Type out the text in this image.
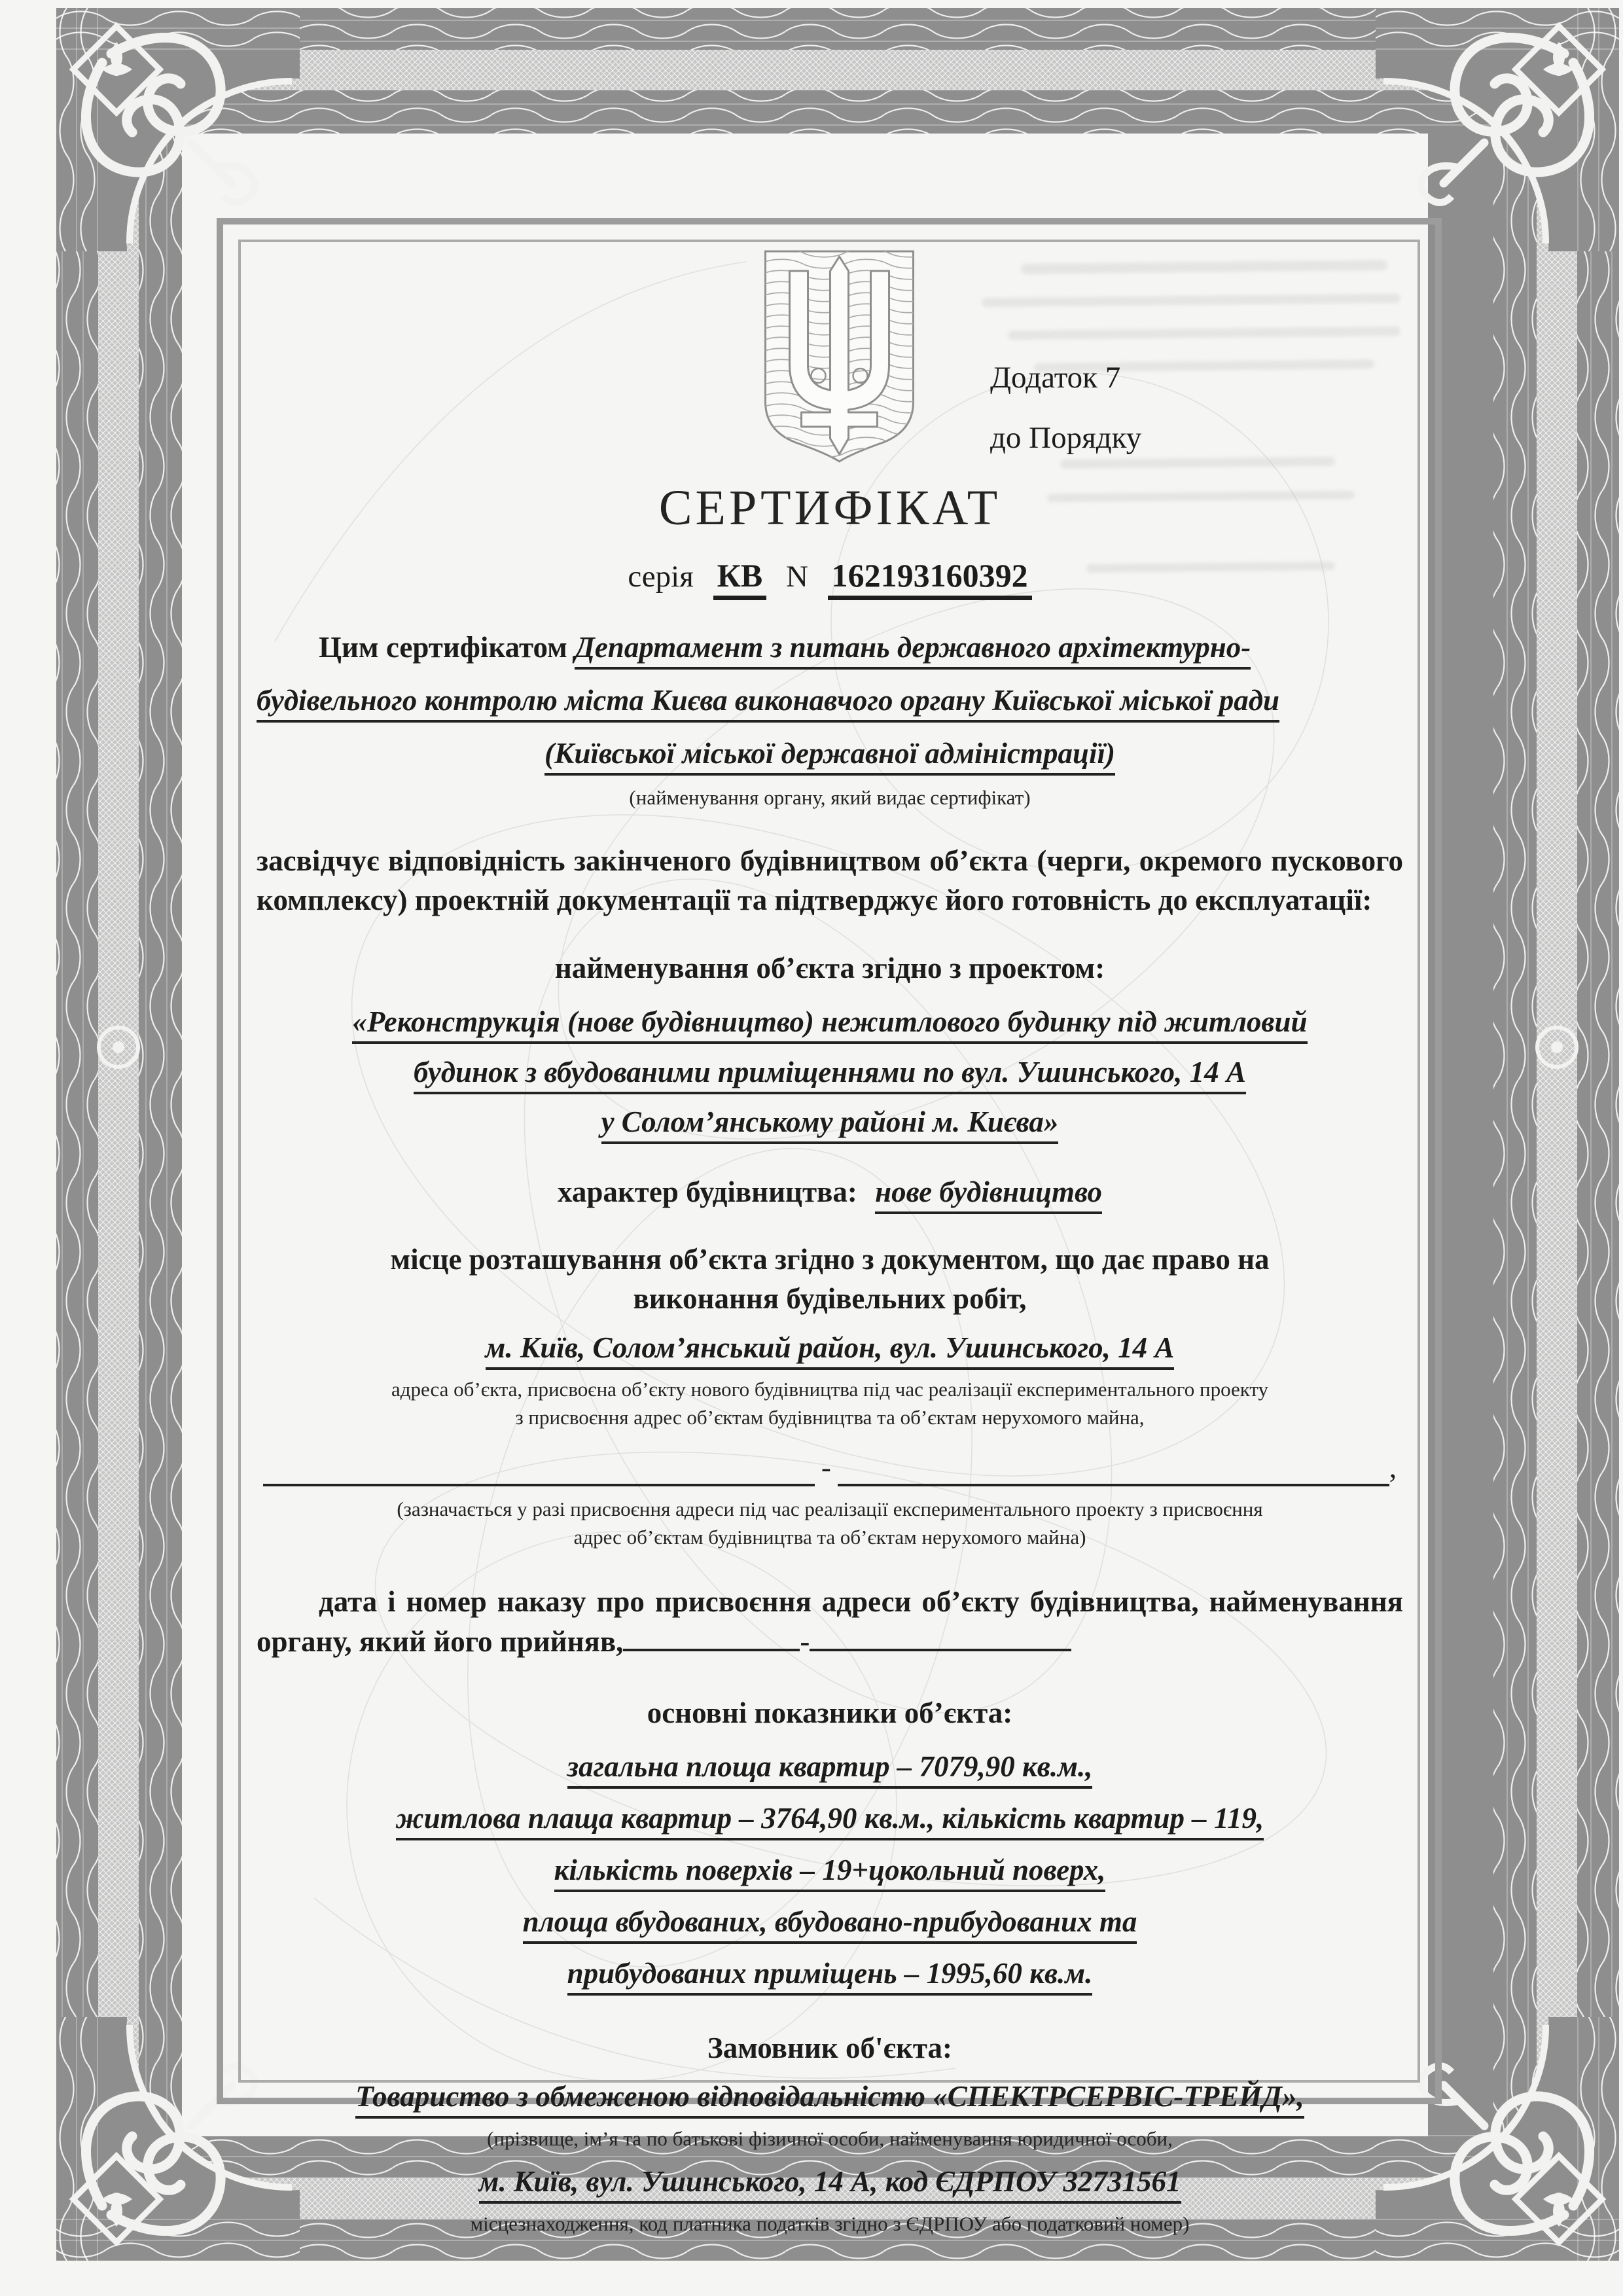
Додаток 7
до Порядку
СЕРТИФІКАТ
серія КВ N 162193160392
Цим сертифікатом Департамент з питань державного архітектурно-
будівельного контролю міста Києва виконавчого органу Київської міської ради
(Київської міської державної адміністрації)
(найменування органу, який видає сертифікат)

засвідчує відповідність закінченого будівництвом об’єкта (черги, окремого пускового комплексу) проектній документації та підтверджує його готовність до експлуатації:

найменування об’єкта згідно з проектом:
«Реконструкція (нове будівництво) нежитлового будинку під житловий
будинок з вбудованими приміщеннями по вул. Ушинського, 14 А
у Солом’янському районі м. Києва»
характер будівництва: нове будівництво
місце розташування об’єкта згідно з документом, що дає право на
виконання будівельних робіт,
м. Київ, Солом’янський район, вул. Ушинського, 14 А
адреса об’єкта, присвоєна об’єкту нового будівництва під час реалізації експериментального проекту
з присвоєння адрес об’єктам будівництва та об’єктам нерухомого майна,
-	,
(зазначається у разі присвоєння адреси під час реалізації експериментального проекту з присвоєння
адрес об’єктам будівництва та об’єктам нерухомого майна)
дата і номер наказу про присвоєння адреси об’єкту будівництва, найменування органу, який його прийняв,	-
основні показники об’єкта:
загальна площа квартир – 7079,90 кв.м.,
житлова плаща квартир – 3764,90 кв.м., кількість квартир – 119,
кількість поверхів – 19+цокольний поверх,
площа вбудованих, вбудовано-прибудованих та
прибудованих приміщень – 1995,60 кв.м.
Замовник об'єкта:
Товариство з обмеженою відповідальністю «СПЕКТРСЕРВІС-ТРЕЙД»,
(прізвище, ім’я та по батькові фізичної особи, найменування юридичної особи,
м. Київ, вул. Ушинського, 14 А, код ЄДРПОУ 32731561
місцезнаходження, код платника податків згідно з ЄДРПОУ або податковий номер)
